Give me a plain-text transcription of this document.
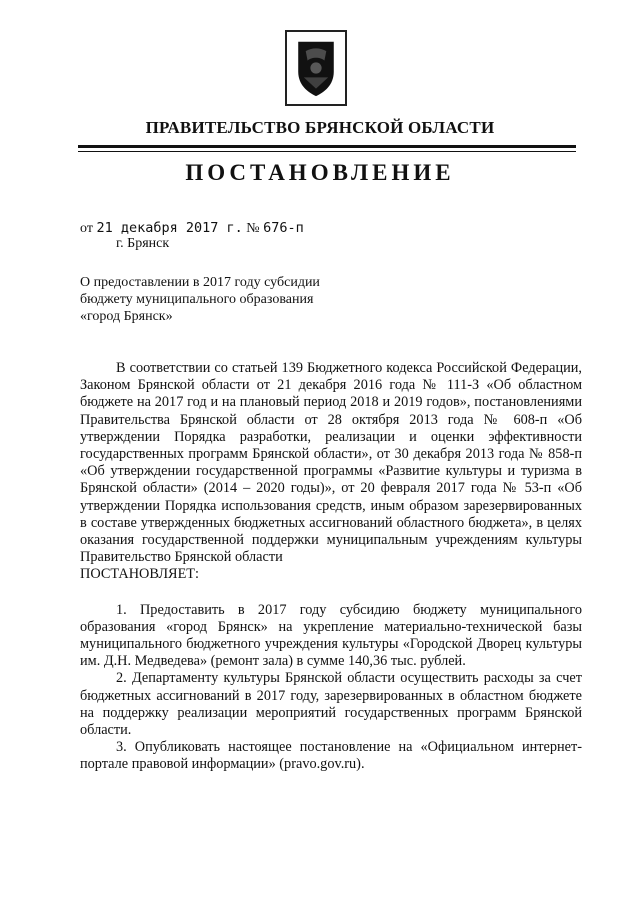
ПРАВИТЕЛЬСТВО БРЯНСКОЙ ОБЛАСТИ
ПОСТАНОВЛЕНИЕ
от 21 декабря 2017 г. № 676-п
г. Брянск
О предоставлении в 2017 году субсидии
бюджету муниципального образования
«город Брянск»

В соответствии со статьей 139 Бюджетного кодекса Российской Федерации, Законом Брянской области от 21 декабря 2016 года № 111-З «Об областном бюджете на 2017 год и на плановый период 2018 и 2019 годов», постановлениями Правительства Брянской области от 28 октября 2013 года № 608-п «Об утверждении Порядка разработки, реализации и оценки эффективности государственных программ Брянской области», от 30 декабря 2013 года № 858-п «Об утверждении государственной программы «Развитие культуры и туризма в Брянской области» (2014 – 2020 годы)», от 20 февраля 2017 года № 53-п «Об утверждении Порядка использования средств, иным образом зарезервированных в составе утвержденных бюджетных ассигнований областного бюджета», в целях оказания государственной поддержки муниципальным учреждениям культуры Правительство Брянской области

ПОСТАНОВЛЯЕТ:

1. Предоставить в 2017 году субсидию бюджету муниципального образования «город Брянск» на укрепление материально-технической базы муниципального бюджетного учреждения культуры «Городской Дворец культуры им. Д.Н. Медведева» (ремонт зала) в сумме 140,36 тыс. рублей.

2. Департаменту культуры Брянской области осуществить расходы за счет бюджетных ассигнований в 2017 году, зарезервированных в областном бюджете на поддержку реализации мероприятий государственных программ Брянской области.

3. Опубликовать настоящее постановление на «Официальном интернет-портале правовой информации» (pravo.gov.ru).
